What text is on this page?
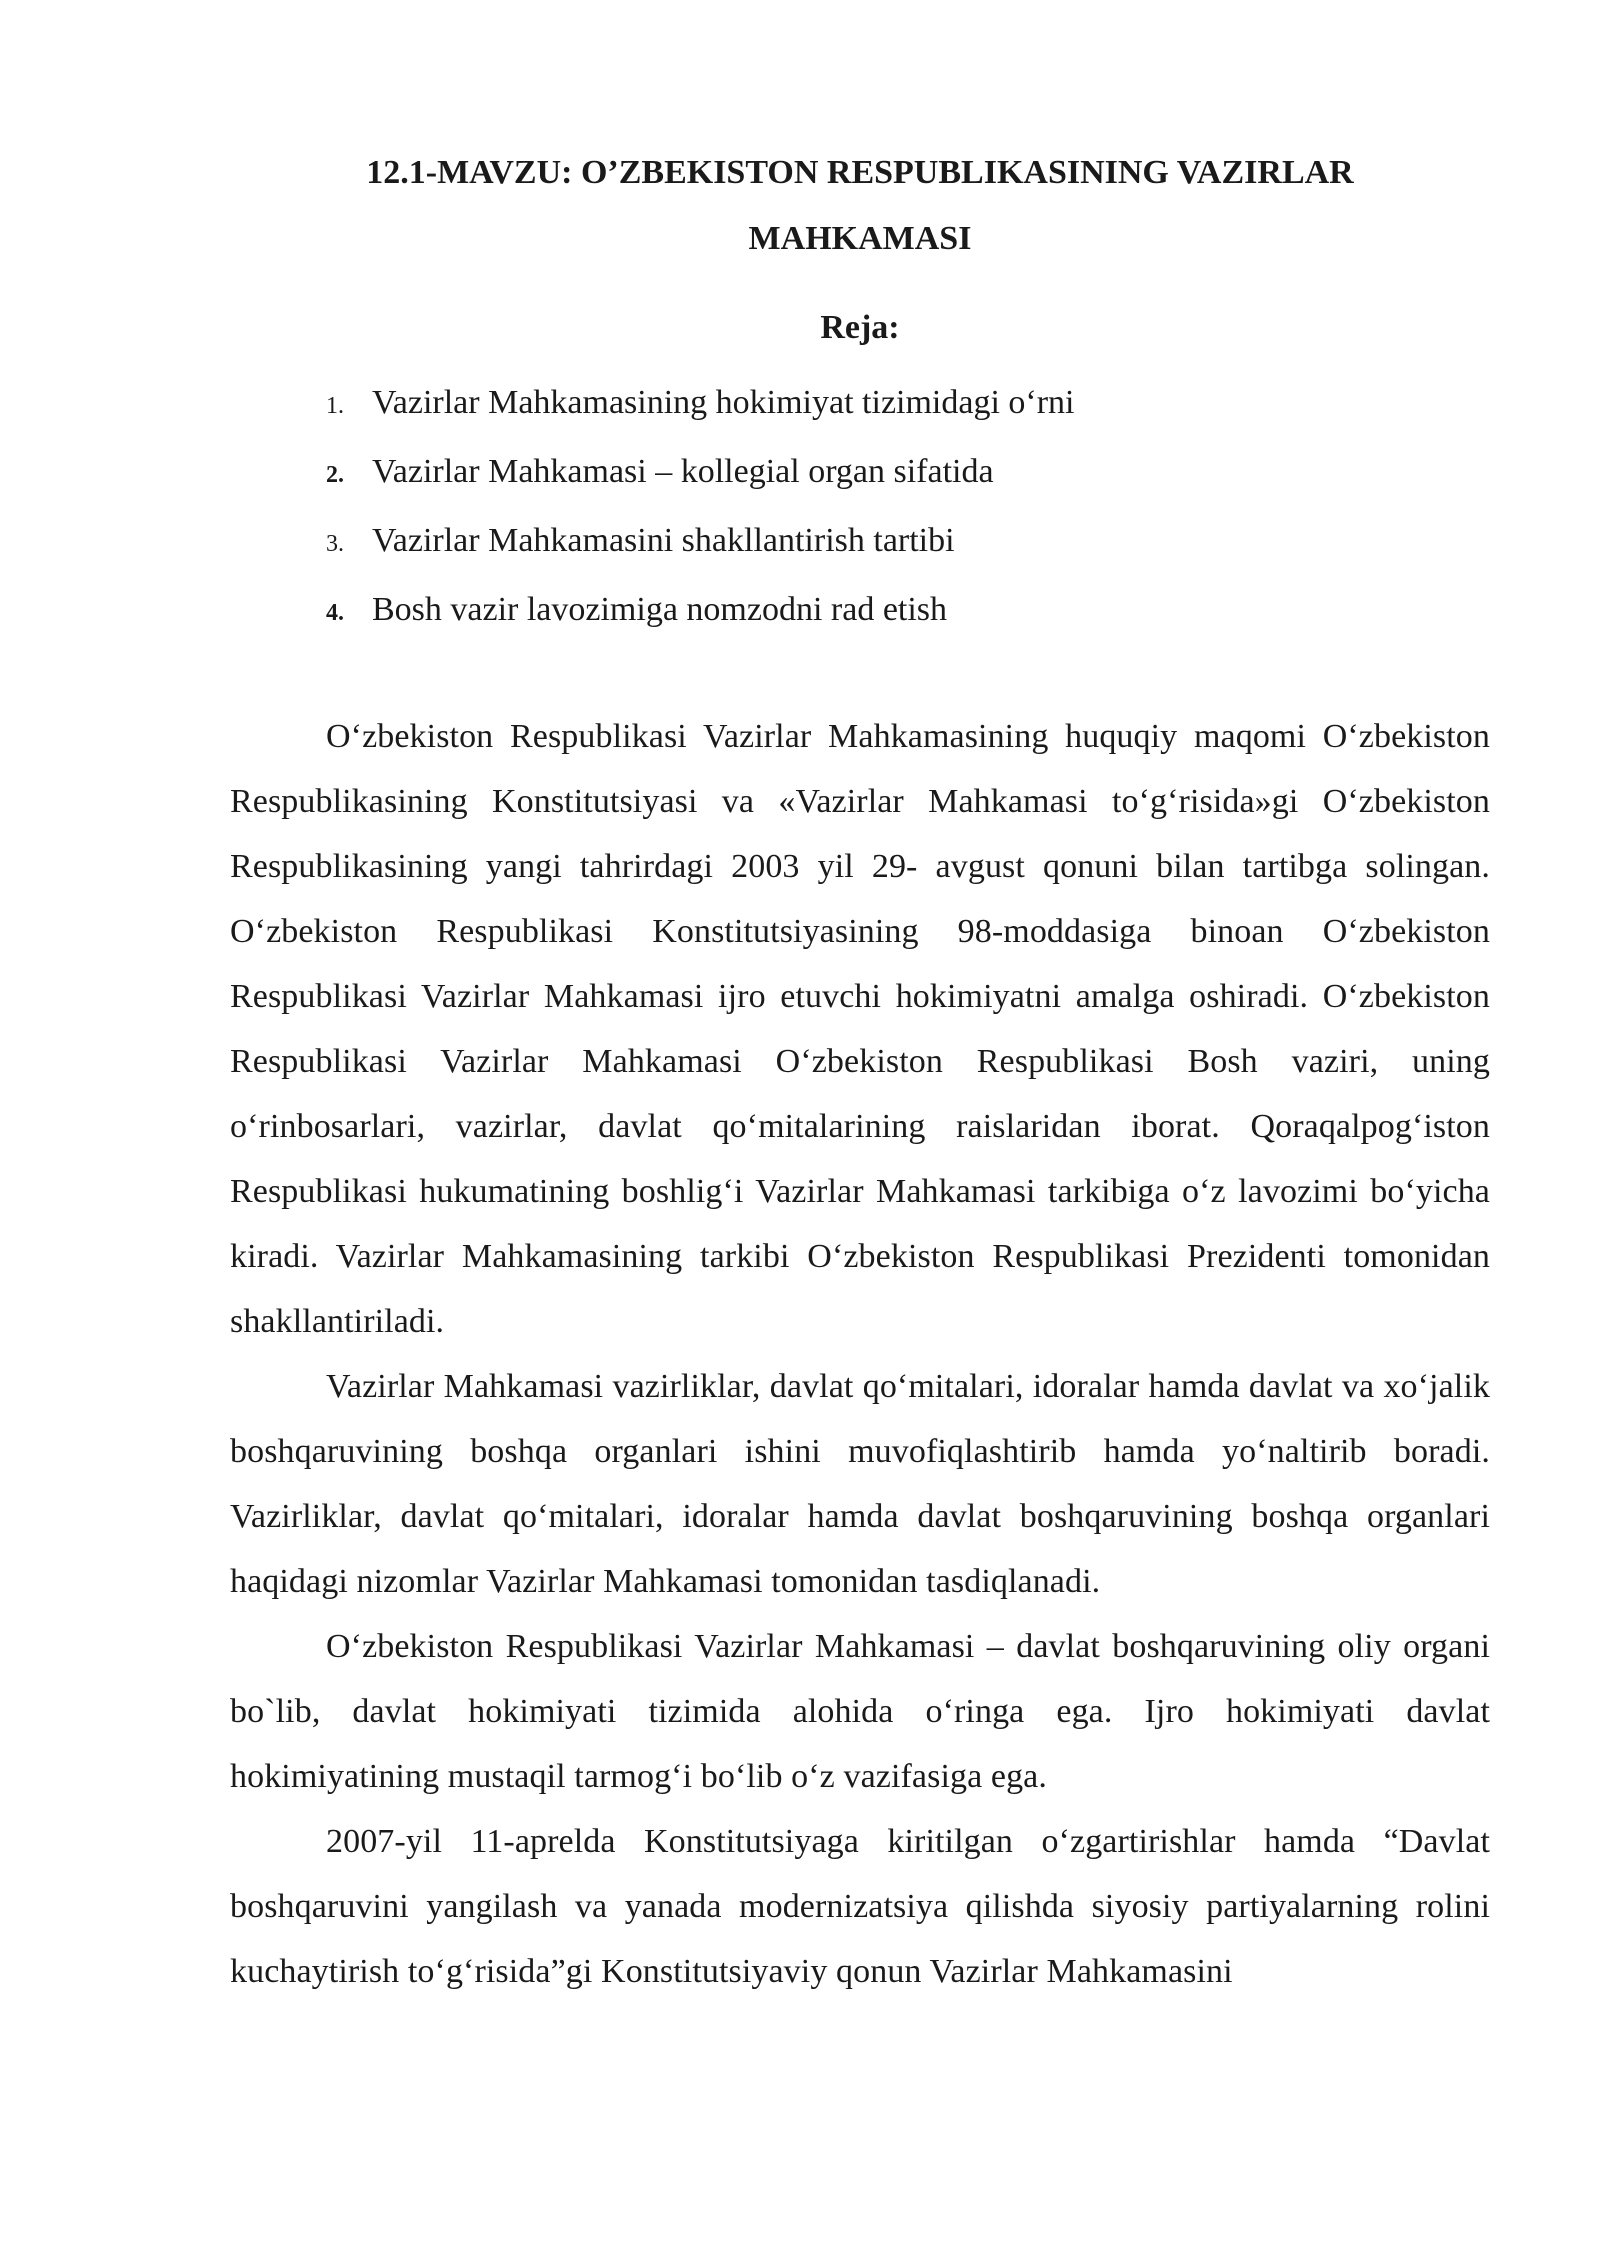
12.1-MAVZU: O’ZBEKISTON RESPUBLIKASINING VAZIRLAR
MAHKAMASI
Reja:
1. Vazirlar Mahkamasining hokimiyat tizimidagi o‘rni
2. Vazirlar Mahkamasi – kollegial organ sifatida
3. Vazirlar Mahkamasini shakllantirish tartibi
4. Bosh vazir lavozimiga nomzodni rad etish

O‘zbekiston Respublikasi Vazirlar Mahkamasining huquqiy maqomi O‘zbekiston Respublikasining Konstitutsiyasi va «Vazirlar Mahkamasi to‘g‘risida»gi O‘zbekiston Respublikasining yangi tahrirdagi 2003 yil 29- avgust qonuni bilan tartibga solingan. O‘zbekiston Respublikasi Konstitutsiyasining 98-moddasiga binoan O‘zbekiston Respublikasi Vazirlar Mahkamasi ijro etuvchi hokimiyatni amalga oshiradi. O‘zbekiston Respublikasi Vazirlar Mahkamasi O‘zbekiston Respublikasi Bosh vaziri, uning o‘rinbosarlari, vazirlar, davlat qo‘mitalarining raislaridan iborat. Qoraqalpog‘iston Respublikasi hukumatining boshlig‘i Vazirlar Mahkamasi tarkibiga o‘z lavozimi bo‘yicha kiradi. Vazirlar Mahkamasining tarkibi O‘zbekiston Respublikasi Prezidenti tomonidan shakllantiriladi.

Vazirlar Mahkamasi vazirliklar, davlat qo‘mitalari, idoralar hamda davlat va xo‘jalik boshqaruvining boshqa organlari ishini muvofiqlashtirib hamda yo‘naltirib boradi. Vazirliklar, davlat qo‘mitalari, idoralar hamda davlat boshqaruvining boshqa organlari haqidagi nizomlar Vazirlar Mahkamasi tomonidan tasdiqlanadi.

O‘zbekiston Respublikasi Vazirlar Mahkamasi – davlat boshqaruvining oliy organi bo`lib, davlat hokimiyati tizimida alohida o‘ringa ega. Ijro hokimiyati davlat hokimiyatining mustaqil tarmog‘i bo‘lib o‘z vazifasiga ega.

2007-yil 11-aprelda Konstitutsiyaga kiritilgan o‘zgartirishlar hamda “Davlat boshqaruvini yangilash va yanada modernizatsiya qilishda siyosiy partiyalarning rolini kuchaytirish to‘g‘risida”gi Konstitutsiyaviy qonun Vazirlar Mahkamasini
